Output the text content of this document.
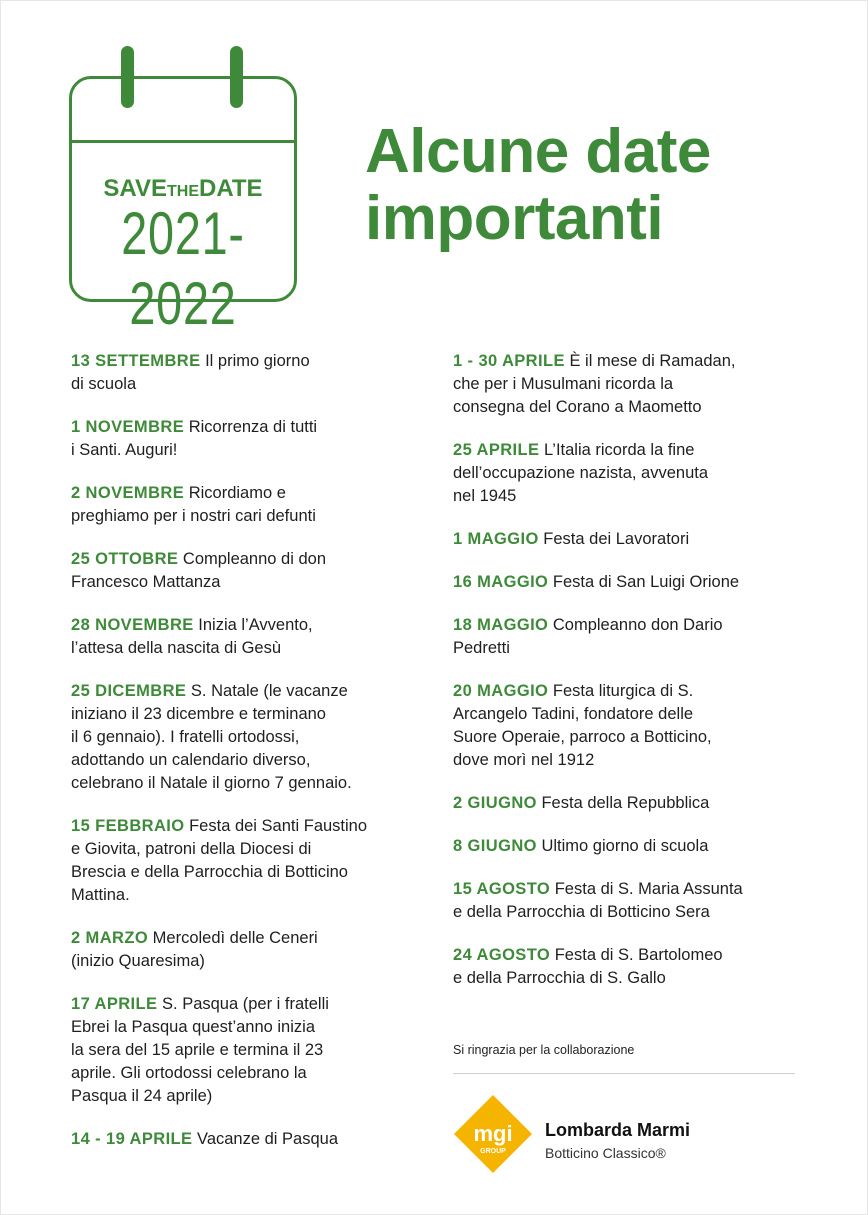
SAVETHEDATE
2021-2022
Alcune date
importanti
13 SETTEMBRE Il primo giorno
di scuola
1 NOVEMBRE Ricorrenza di tutti
i Santi. Auguri!
2 NOVEMBRE Ricordiamo e
preghiamo per i nostri cari defunti
25 OTTOBRE Compleanno di don
Francesco Mattanza
28 NOVEMBRE Inizia l’Avvento,
l’attesa della nascita di Gesù
25 DICEMBRE S. Natale (le vacanze
iniziano il 23 dicembre e terminano
il 6 gennaio). I fratelli ortodossi,
adottando un calendario diverso,
celebrano il Natale il giorno 7 gennaio.
15 FEBBRAIO Festa dei Santi Faustino
e Giovita, patroni della Diocesi di
Brescia e della Parrocchia di Botticino
Mattina.
2 MARZO Mercoledì delle Ceneri
(inizio Quaresima)
17 APRILE S. Pasqua (per i fratelli
Ebrei la Pasqua quest’anno inizia
la sera del 15 aprile e termina il 23
aprile. Gli ortodossi celebrano la
Pasqua il 24 aprile)
14 - 19 APRILE Vacanze di Pasqua
1 - 30 APRILE È il mese di Ramadan,
che per i Musulmani ricorda la
consegna del Corano a Maometto
25 APRILE L’Italia ricorda la fine
dell’occupazione nazista, avvenuta
nel 1945
1 MAGGIO Festa dei Lavoratori
16 MAGGIO Festa di San Luigi Orione
18 MAGGIO Compleanno don Dario
Pedretti
20 MAGGIO Festa liturgica di S.
Arcangelo Tadini, fondatore delle
Suore Operaie, parroco a Botticino,
dove morì nel 1912
2 GIUGNO Festa della Repubblica
8 GIUGNO Ultimo giorno di scuola
15 AGOSTO Festa di S. Maria Assunta
e della Parrocchia di Botticino Sera
24 AGOSTO Festa di S. Bartolomeo
e della Parrocchia di S. Gallo
Si ringrazia per la collaborazione
mgi
GROUP
Lombarda Marmi
Botticino Classico®
